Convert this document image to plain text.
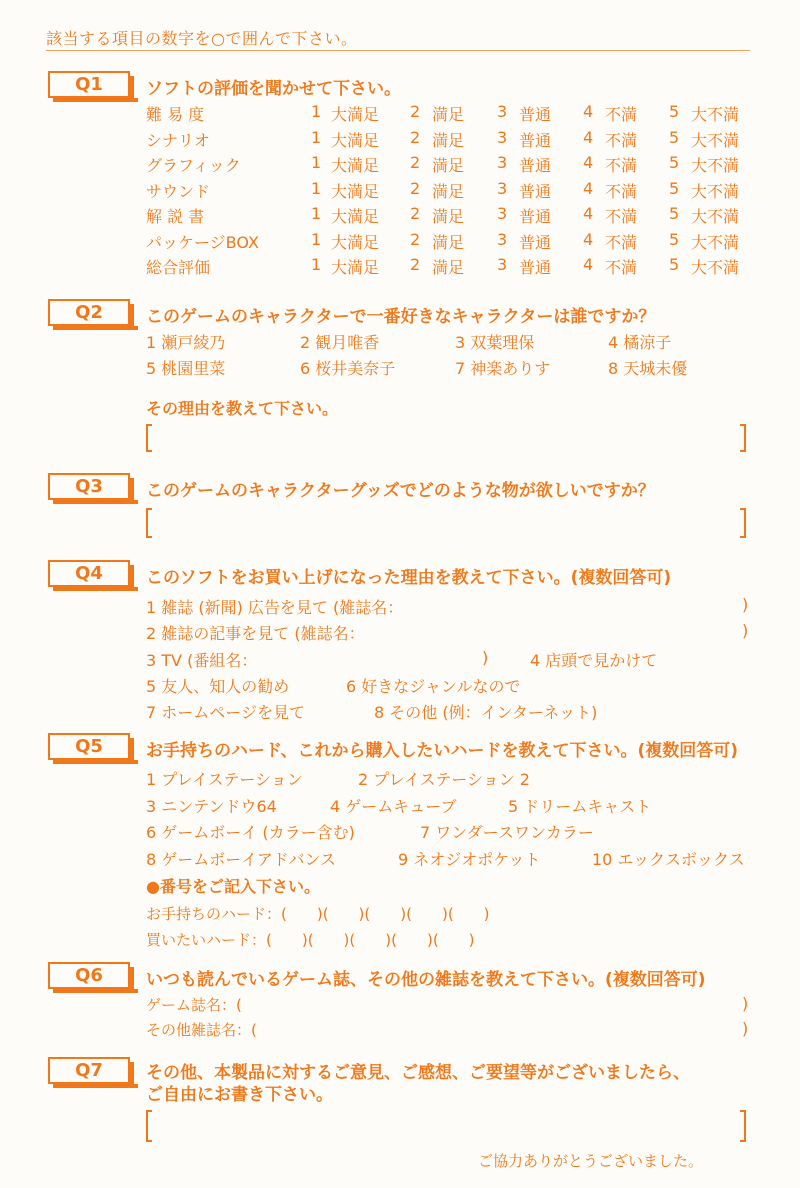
該当する項目の数字を○で囲んで下さい。
Q1	ソフトの評価を聞かせて下さい。
難 易 度	1 大満足 2 満足 3 普通 4 不満 5 大不満
シナリオ	1 大満足 2 満足 3 普通 4 不満 5 大不満
グラフィック	1 大満足 2 満足 3 普通 4 不満 5 大不満
サウンド	1 大満足 2 満足 3 普通 4 不満 5 大不満
解 説 書	1 大満足 2 満足 3 普通 4 不満 5 大不満
パッケージBOX	1 大満足 2 満足 3 普通 4 不満 5 大不満
総合評価	1 大満足 2 満足 3 普通 4 不満 5 大不満
Q2	このゲームのキャラクターで一番好きなキャラクターは誰ですか？
1 瀬戸綾乃	2 観月唯香	3 双葉理保	4 橘涼子
5 桃園里菜	6 桜井美奈子	7 神楽ありす	8 天城未優
その理由を教えて下さい。
Q3	このゲームのキャラクターグッズでどのような物が欲しいですか？
Q4	このソフトをお買い上げになった理由を教えて下さい。(複数回答可)
1 雑誌 (新聞) 広告を見て (雑誌名：	)
2 雑誌の記事を見て (雑誌名：	)
3 TV (番組名：	)	4 店頭で見かけて
5 友人、知人の勧め	6 好きなジャンルなので
7 ホームページを見て	8 その他 (例：インターネット)
Q5	お手持ちのハード、これから購入したいハードを教えて下さい。(複数回答可)
1 プレイステーション	2 プレイステーション 2
3 ニンテンドウ64	4 ゲームキューブ	5 ドリームキャスト
6 ゲームボーイ (カラー含む)	7 ワンダースワンカラー
8 ゲームボーイアドバンス	9 ネオジオポケット	10 エックスボックス
●番号をご記入下さい。
お手持ちのハード：(　　)(　　)(　　)(　　)(　　)
買いたいハード：(　　)(　　)(　　)(　　)(　　)
Q6	いつも読んでいるゲーム誌、その他の雑誌を教えて下さい。(複数回答可)
ゲーム誌名：(	)
その他雑誌名：(	)
Q7	その他、本製品に対するご意見、ご感想、ご要望等がございましたら、
ご自由にお書き下さい。
ご協力ありがとうございました。
